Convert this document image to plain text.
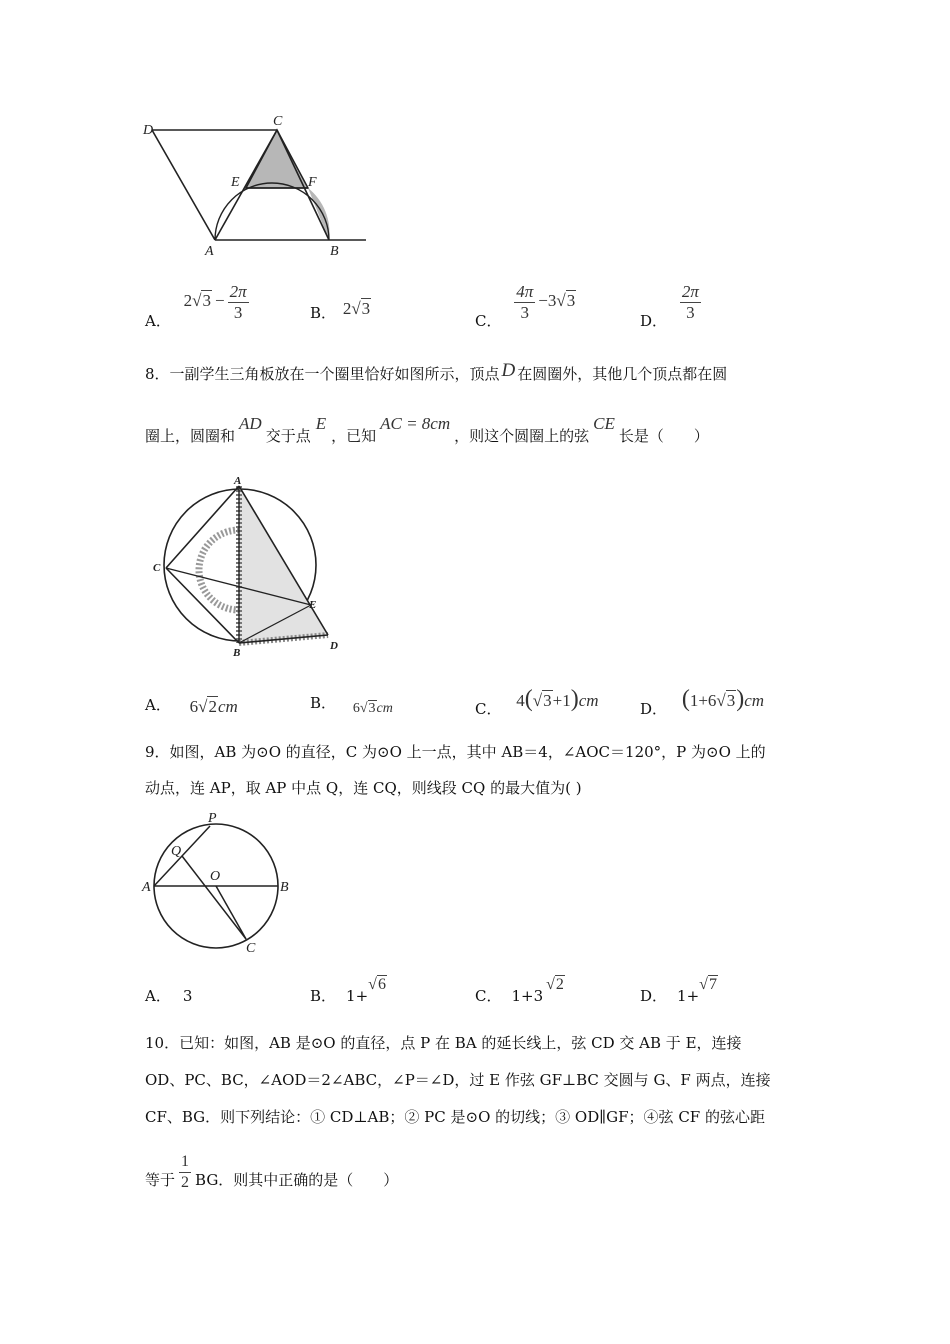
D
C
E	F
A	B
A． $2√3 - \frac{2\pi}{3}$	B． 2√3
C． $\frac{4\pi}{3} -3√3$
D． $\frac{2\pi}{3}$
8．一副学生三角板放在一个圈里恰好如图所示，顶点 D 在圆圈外，其他几个顶点都在圆
圈上，圆圈和AD交于点E，已知AC = 8cm，则这个圆圈上的弦CE长是（　　）
A
C
E
B
D
A． 6√2cm	B． 6√3cm	C． 4(√3+1)cm	D． (1+6√3)cm
9．如图，AB 为⊙O 的直径，C 为⊙O 上一点，其中 AB＝4，∠AOC＝120°，P 为⊙O 上的
动点，连 AP，取 AP 中点 Q，连 CQ，则线段 CQ 的最大值为( )
P
Q
O
A	B
C
A． 3	B． 1+√6
C． 1+3√2
D． 1+√7
10．已知：如图，AB 是⊙O 的直径，点 P 在 BA 的延长线上，弦 CD 交 AB 于 E，连接
OD、PC、BC，∠AOD＝2∠ABC，∠P＝∠D，过 E 作弦 GF⊥BC 交圆与 G、F 两点，连接
CF、BG．则下列结论：① CD⊥AB；② PC 是⊙O 的切线；③ OD∥GF；④弦 CF 的弦心距
等于 $\frac{1}{2}$ BG．则其中正确的是（　　）
